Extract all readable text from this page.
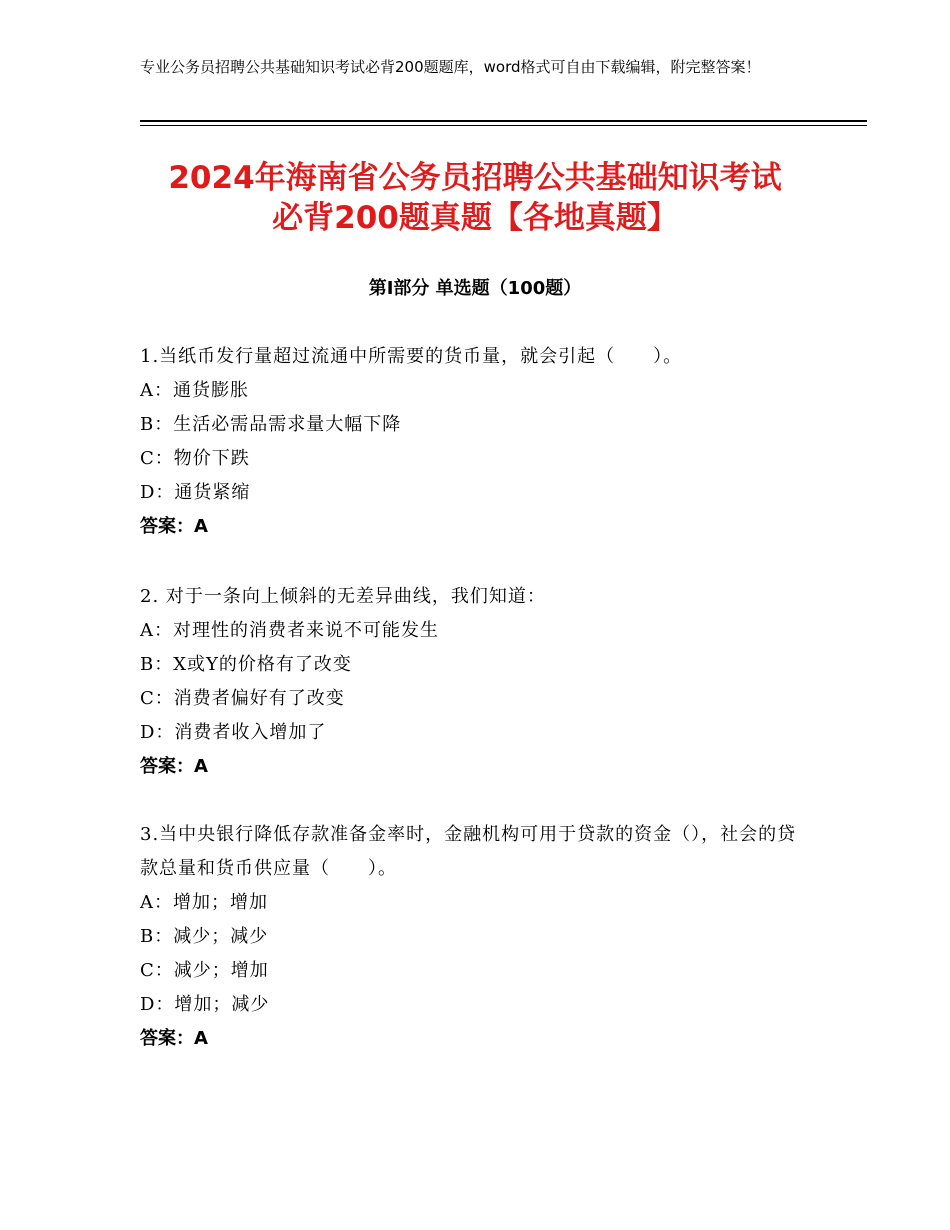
专业公务员招聘公共基础知识考试必背200题题库，word格式可自由下载编辑，附完整答案！
2024年海南省公务员招聘公共基础知识考试
必背200题真题【各地真题】
第Ⅰ部分 单选题（100题）
1.当纸币发行量超过流通中所需要的货币量，就会引起（　　）。
A：通货膨胀
B：生活必需品需求量大幅下降
C：物价下跌
D：通货紧缩
答案：A
2. 对于一条向上倾斜的无差异曲线，我们知道：
A：对理性的消费者来说不可能发生
B：X或Y的价格有了改变
C：消费者偏好有了改变
D：消费者收入增加了
答案：A
3.当中央银行降低存款准备金率时，金融机构可用于贷款的资金（），社会的贷款总量和货币供应量（　　）。
A：增加；增加
B：减少；减少
C：减少；增加
D：增加；减少
答案：A
